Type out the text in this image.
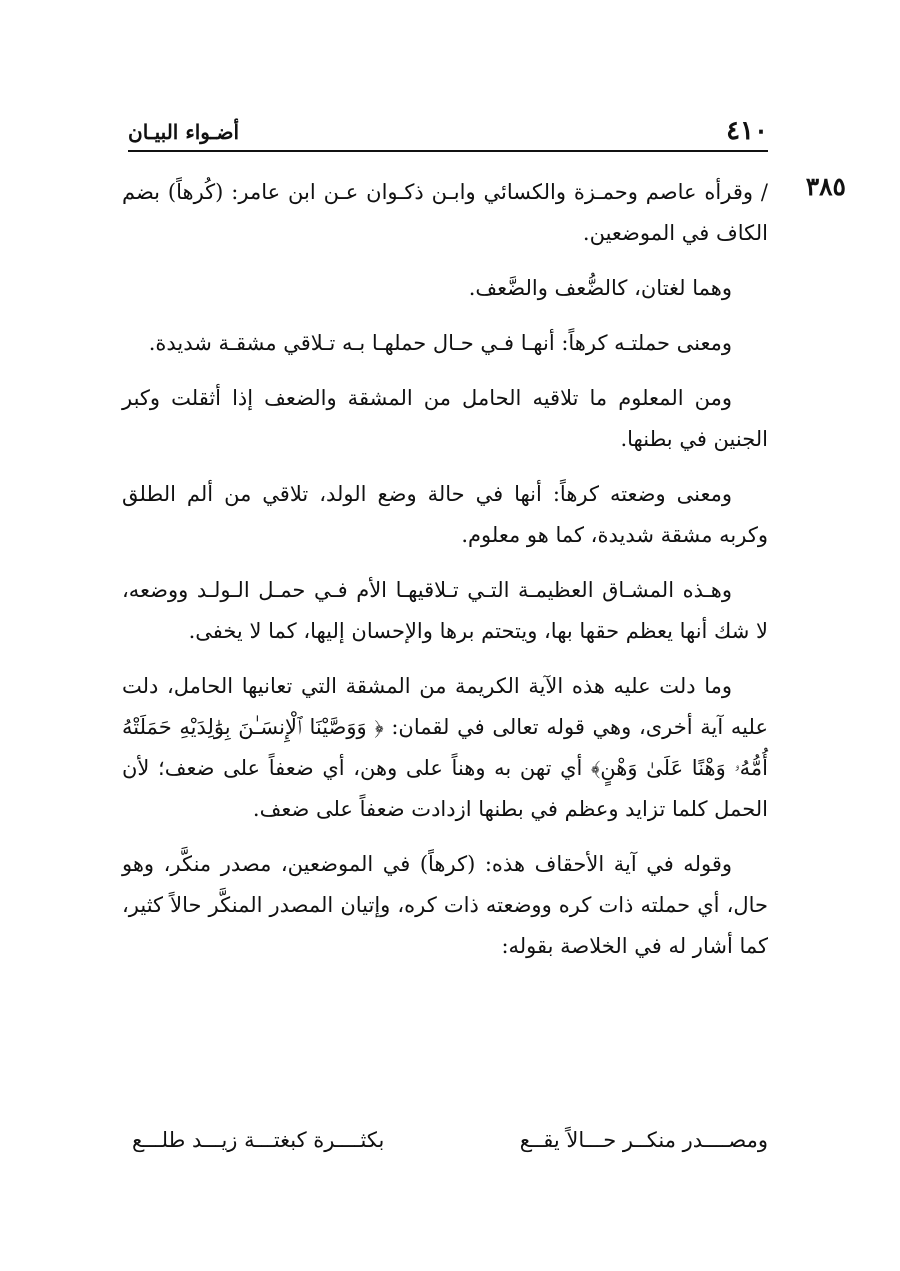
٤١٠
أضـواء البيـان
٣٨٥

/ وقرأه عاصم وحمـزة والكسائي وابـن ذكـوان عـن ابن عامر: (كُرهاً) بضم الكاف في الموضعين.

وهما لغتان، كالضُّعف والضَّعف.

ومعنى حملتـه كرهاً: أنهـا فـي حـال حملهـا بـه تـلاقي مشقـة شديدة.

ومن المعلوم ما تلاقيه الحامل من المشقة والضعف إذا أثقلت وكبر الجنين في بطنها.

ومعنى وضعته كرهاً: أنها في حالة وضع الولد، تلاقي من ألم الطلق وكربه مشقة شديدة، كما هو معلوم.

وهـذه المشـاق العظيمـة التـي تـلاقيهـا الأم فـي حمـل الـولـد ووضعه، لا شك أنها يعظم حقها بها، ويتحتم برها والإحسان إليها، كما لا يخفى.

وما دلت عليه هذه الآية الكريمة من المشقة التي تعانيها الحامل، دلت عليه آية أخرى، وهي قوله تعالى في لقمان: ﴿ وَوَصَّيْنَا ٱلْإِنسَـٰنَ بِوَٰلِدَيْهِ حَمَلَتْهُ أُمُّهُۥ وَهْنًا عَلَىٰ وَهْنٍ﴾ أي تهن به وهناً على وهن، أي ضعفاً على ضعف؛ لأن الحمل كلما تزايد وعظم في بطنها ازدادت ضعفاً على ضعف.

وقوله في آية الأحقاف هذه: (كرهاً) في الموضعين، مصدر منكَّر، وهو حال، أي حملته ذات كره ووضعته ذات كره، وإتيان المصدر المنكَّر حالاً كثير، كما أشار له في الخلاصة بقوله:

ومصــــدر منكــر حـــالاً يقــع
بكثــــرة كبغتـــة زيـــد طلـــع
